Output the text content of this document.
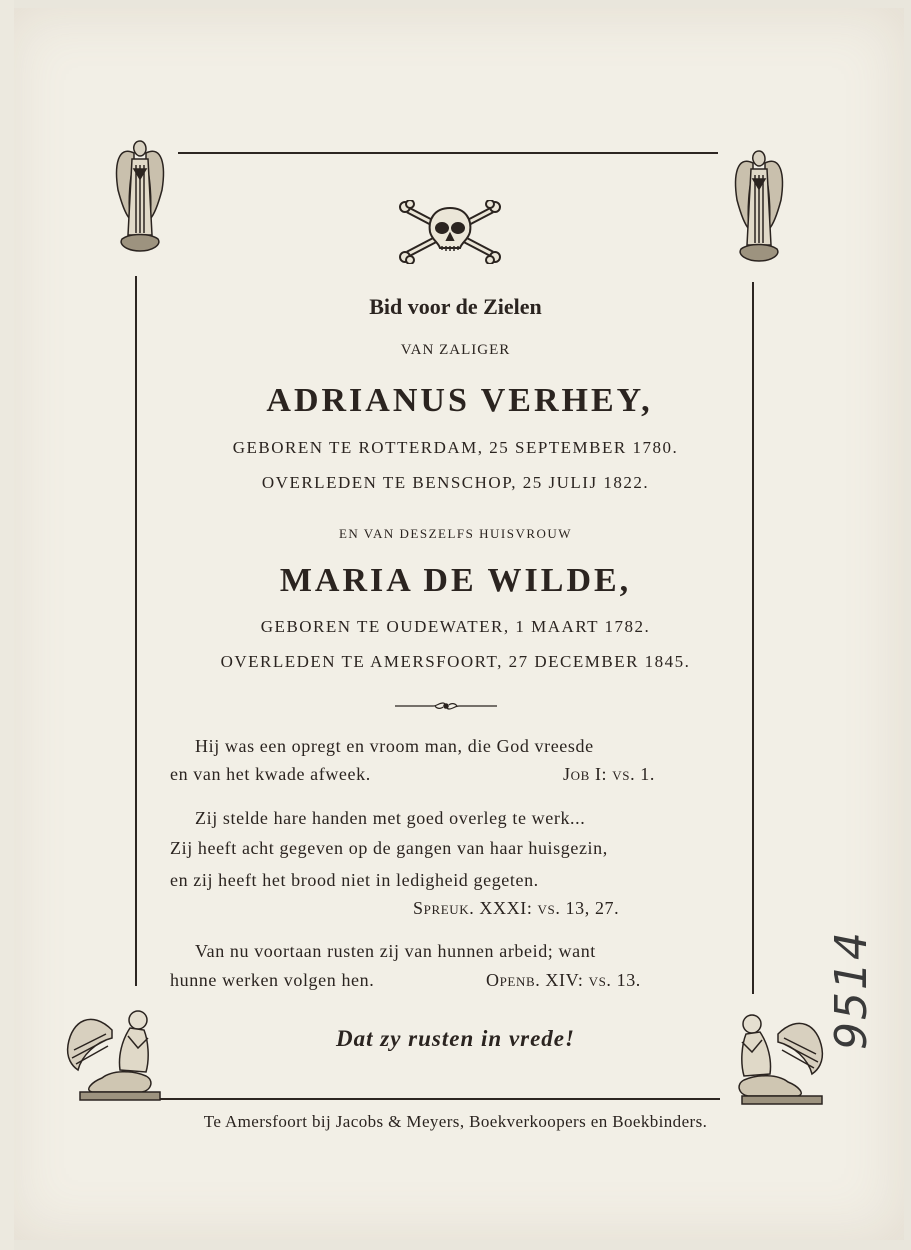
Bid voor de Zielen

VAN ZALIGER

ADRIANUS VERHEY,

GEBOREN TE ROTTERDAM, 25 SEPTEMBER 1780.

OVERLEDEN TE BENSCHOP, 25 JULIJ 1822.

EN VAN DESZELFS HUISVROUW

MARIA DE WILDE,

GEBOREN TE OUDEWATER, 1 MAART 1782.

OVERLEDEN TE AMERSFOORT, 27 DECEMBER 1845.

Hij was een opregt en vroom man, die God vreesde

en van het kwade afweek.	Job I: vs. 1.

Zij stelde hare handen met goed overleg te werk...

Zij heeft acht gegeven op de gangen van haar huisgezin,

en zij heeft het brood niet in ledigheid gegeten.

Spreuk. XXXI: vs. 13, 27.

Van nu voortaan rusten zij van hunnen arbeid; want

hunne werken volgen hen.	Openb. XIV: vs. 13.

Dat zy rusten in vrede!

Te Amersfoort bij Jacobs & Meyers, Boekverkoopers en Boekbinders.

9514
